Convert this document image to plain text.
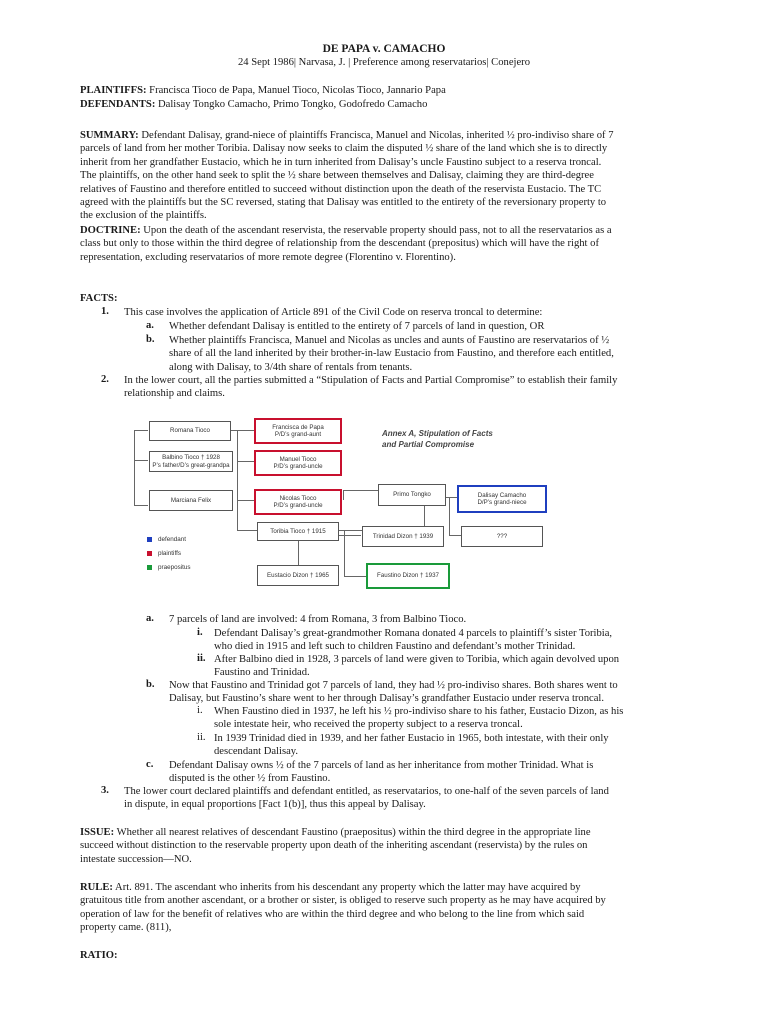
DE PAPA v. CAMACHO
24 Sept 1986| Narvasa, J. | Preference among reservatarios| Conejero
PLAINTIFFS: Francisca Tioco de Papa, Manuel Tioco, Nicolas Tioco, Jannario Papa
DEFENDANTS: Dalisay Tongko Camacho, Primo Tongko, Godofredo Camacho
SUMMARY: Defendant Dalisay, grand-niece of plaintiffs Francisca, Manuel and Nicolas, inherited ½ pro-indiviso share of 7
parcels of land from her mother Toribia. Dalisay now seeks to claim the disputed ½ share of the land which she is to directly
inherit from her grandfather Eustacio, which he in turn inherited from Dalisay’s uncle Faustino subject to a reserva troncal.
The plaintiffs, on the other hand seek to split the ½ share between themselves and Dalisay, claiming they are third-degree
relatives of Faustino and therefore entitled to succeed without distinction upon the death of the reservista Eustacio. The TC
agreed with the plaintiffs but the SC reversed, stating that Dalisay was entitled to the entirety of the reversionary property to
the exclusion of the plaintiffs.
DOCTRINE: Upon the death of the ascendant reservista, the reservable property should pass, not to all the reservatarios as a
class but only to those within the third degree of relationship from the descendant (prepositus) which will have the right of
representation, excluding reservatarios of more remote degree (Florentino v. Florentino).
FACTS:
1. This case involves the application of Article 891 of the Civil Code on reserva troncal to determine:
a. Whether defendant Dalisay is entitled to the entirety of 7 parcels of land in question, OR
b. Whether plaintiffs Francisca, Manuel and Nicolas as uncles and aunts of Faustino are reservatarios of ½
share of all the land inherited by their brother-in-law Eustacio from Faustino, and therefore each entitled,
along with Dalisay, to 3/4th share of rentals from tenants.
2. In the lower court, all the parties submitted a “Stipulation of Facts and Partial Compromise” to establish their family
relationship and claims.
Romana Tioco
Balbino Tioco † 1928
P’s father/D’s great-grandpa
Marciana Felix
Francisca de Papa
P/D’s grand-aunt
Manuel Tioco
P/D’s grand-uncle
Nicolas Tioco
P/D’s grand-uncle
Toribia Tioco † 1915
Eustacio Dizon † 1965	Faustino Dizon † 1937
Trinidad Dizon † 1939
Primo Tongko	Dalisay Camacho
D/P’s grand-niece
???
Annex A, Stipulation of Facts
and Partial Compromise
defendant
plaintiffs
praepositus
a. 7 parcels of land are involved: 4 from Romana, 3 from Balbino Tioco.
i. Defendant Dalisay’s great-grandmother Romana donated 4 parcels to plaintiff’s sister Toribia,
who died in 1915 and left such to children Faustino and defendant’s mother Trinidad.
ii. After Balbino died in 1928, 3 parcels of land were given to Toribia, which again devolved upon
Faustino and Trinidad.
b. Now that Faustino and Trinidad got 7 parcels of land, they had ½ pro-indiviso shares. Both shares went to
Dalisay, but Faustino’s share went to her through Dalisay’s grandfather Eustacio under reserva troncal.
i. When Faustino died in 1937, he left his ½ pro-indiviso share to his father, Eustacio Dizon, as his
sole intestate heir, who received the property subject to a reserva troncal.
ii. In 1939 Trinidad died in 1939, and her father Eustacio in 1965, both intestate, with their only
descendant Dalisay.
c. Defendant Dalisay owns ½ of the 7 parcels of land as her inheritance from mother Trinidad. What is
disputed is the other ½ from Faustino.
3. The lower court declared plaintiffs and defendant entitled, as reservatarios, to one-half of the seven parcels of land
in dispute, in equal proportions [Fact 1(b)], thus this appeal by Dalisay.
ISSUE: Whether all nearest relatives of descendant Faustino (praepositus) within the third degree in the appropriate line
succeed without distinction to the reservable property upon death of the inheriting ascendant (reservista) by the rules on
intestate succession—NO.
RULE: Art. 891. The ascendant who inherits from his descendant any property which the latter may have acquired by
gratuitous title from another ascendant, or a brother or sister, is obliged to reserve such property as he may have acquired by
operation of law for the benefit of relatives who are within the third degree and who belong to the line from which said
property came. (811),
RATIO:
